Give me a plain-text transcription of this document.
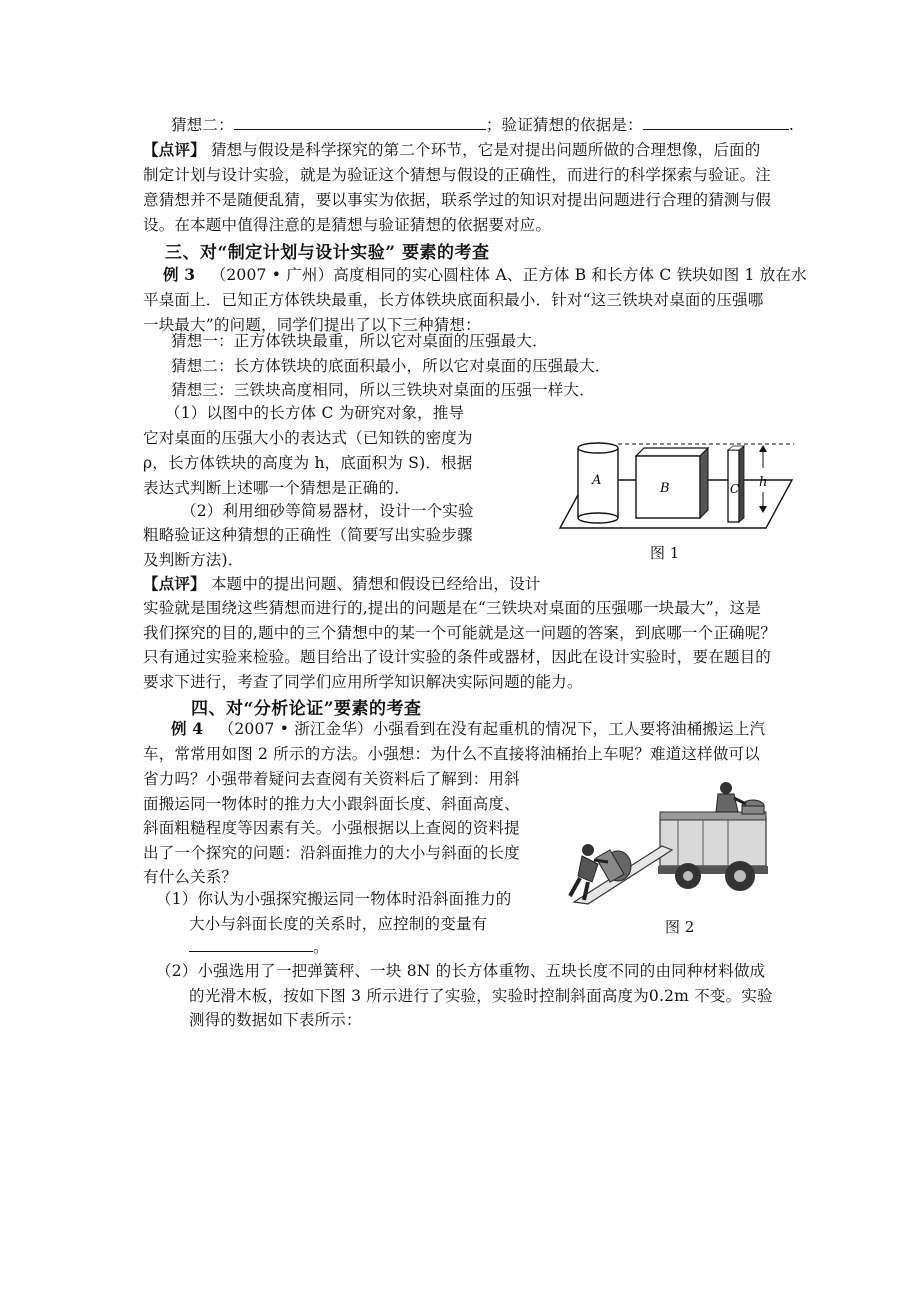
猜想二：	；验证猜想的依据是：	.
【点评】 猜想与假设是科学探究的第二个环节，它是对提出问题所做的合理想像，后面的
制定计划与设计实验，就是为验证这个猜想与假设的正确性，而进行的科学探索与验证。注
意猜想并不是随便乱猜，要以事实为依据，联系学过的知识对提出问题进行合理的猜测与假
设。在本题中值得注意的是猜想与验证猜想的依据要对应。
三、对“制定计划与设计实验” 要素的考查
例 3 （2007 • 广州）高度相同的实心圆柱体 A、正方体 B 和长方体 C 铁块如图 1 放在水
平桌面上．已知正方体铁块最重，长方体铁块底面积最小．针对“这三铁块对桌面的压强哪
一块最大”的问题，同学们提出了以下三种猜想：
猜想一：正方体铁块最重，所以它对桌面的压强最大．
猜想二：长方体铁块的底面积最小，所以它对桌面的压强最大．
猜想三：三铁块高度相同，所以三铁块对桌面的压强一样大．
（1）以图中的长方体 C 为研究对象，推导
它对桌面的压强大小的表达式（已知铁的密度为
ρ，长方体铁块的高度为 h，底面积为 S)．根据
表达式判断上述哪一个猜想是正确的．
（2）利用细砂等简易器材，设计一个实验
粗略验证这种猜想的正确性（简要写出实验步骤
及判断方法)．
A
B	C h
图 1
【点评】 本题中的提出问题、猜想和假设已经给出，设计
实验就是围绕这些猜想而进行的,提出的问题是在“三铁块对桌面的压强哪一块最大”，这是
我们探究的目的,题中的三个猜想中的某一个可能就是这一问题的答案，到底哪一个正确呢？
只有通过实验来检验。题目给出了设计实验的条件或器材，因此在设计实验时，要在题目的
要求下进行，考查了同学们应用所学知识解决实际问题的能力。
四、对“分析论证”要素的考查
例 4 （2007 • 浙江金华）小强看到在没有起重机的情况下，工人要将油桶搬运上汽
车，常常用如图 2 所示的方法。小强想：为什么不直接将油桶抬上车呢？难道这样做可以
省力吗？小强带着疑问去查阅有关资料后了解到：用斜
面搬运同一物体时的推力大小跟斜面长度、斜面高度、
斜面粗糙程度等因素有关。小强根据以上查阅的资料提
出了一个探究的问题：沿斜面推力的大小与斜面的长度
有什么关系？
（1）你认为小强探究搬运同一物体时沿斜面推力的
大小与斜面长度的关系时，应控制的变量有
。
图 2
（2）小强选用了一把弹簧秤、一块 8N 的长方体重物、五块长度不同的由同种材料做成
的光滑木板，按如下图 3 所示进行了实验，实验时控制斜面高度为0.2m 不变。实验
测得的数据如下表所示：
